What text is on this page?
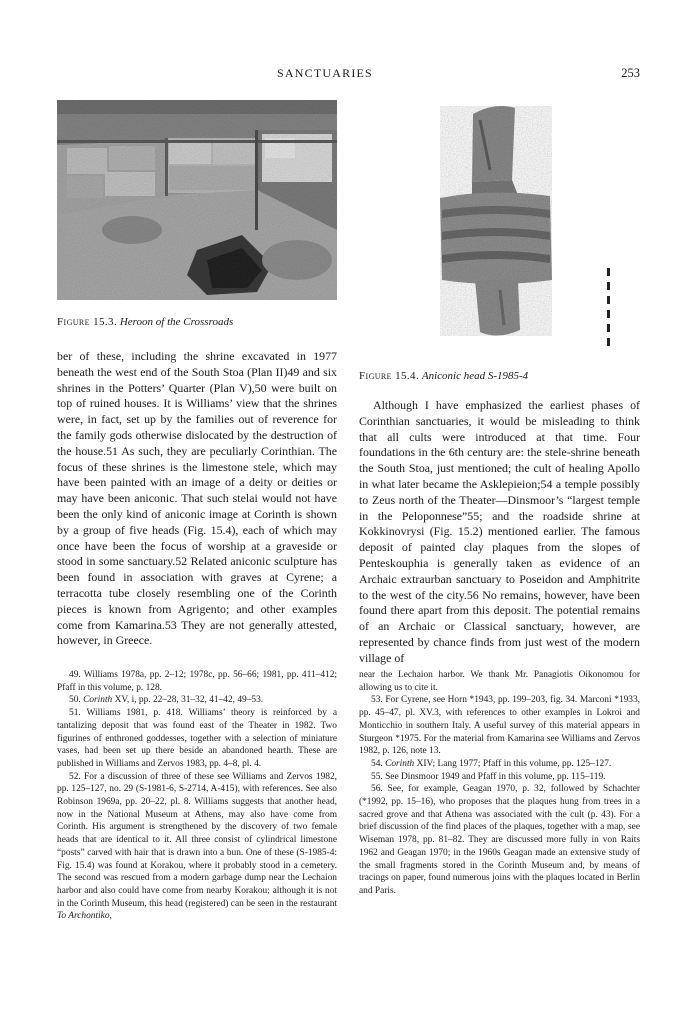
SANCTUARIES	253
Figure 15.3. Heroon of the Crossroads
Figure 15.4. Aniconic head S-1985-4

ber of these, including the shrine excavated in 1977 beneath the west end of the South Stoa (Plan II)49 and six shrines in the Potters’ Quarter (Plan V),50 were built on top of ruined houses. It is Williams’ view that the shrines were, in fact, set up by the families out of reverence for the family gods otherwise dislocated by the destruction of the house.51 As such, they are peculiarly Corinthian. The focus of these shrines is the limestone stele, which may have been painted with an image of a deity or deities or may have been aniconic. That such stelai would not have been the only kind of aniconic image at Corinth is shown by a group of five heads (Fig. 15.4), each of which may once have been the focus of worship at a graveside or stood in some sanctuary.52 Related aniconic sculpture has been found in association with graves at Cyrene; a terracotta tube closely resembling one of the Corinth pieces is known from Agrigento; and other examples come from Kamarina.53 They are not generally attested, however, in Greece.

Although I have emphasized the earliest phases of Corinthian sanctuaries, it would be misleading to think that all cults were introduced at that time. Four foundations in the 6th century are: the stele-shrine beneath the South Stoa, just mentioned; the cult of healing Apollo in what later became the Asklepieion;54 a temple possibly to Zeus north of the Theater—Dinsmoor’s “largest temple in the Peloponnese”55; and the roadside shrine at Kokkinovrysi (Fig. 15.2) mentioned earlier. The famous deposit of painted clay plaques from the slopes of Penteskouphia is generally taken as evidence of an Archaic extraurban sanctuary to Poseidon and Amphitrite to the west of the city.56 No remains, however, have been found there apart from this deposit. The potential remains of an Archaic or Classical sanctuary, however, are represented by chance finds from just west of the modern village of

49. Williams 1978a, pp. 2–12; 1978c, pp. 56–66; 1981, pp. 411–412; Pfaff in this volume, p. 128.

50. Corinth XV, i, pp. 22–28, 31–32, 41–42, 49–53.

51. Williams 1981, p. 418. Williams’ theory is reinforced by a tantalizing deposit that was found east of the Theater in 1982. Two figurines of enthroned goddesses, together with a selection of miniature vases, had been set up there beside an abandoned hearth. These are published in Williams and Zervos 1983, pp. 4–8, pl. 4.

52. For a discussion of three of these see Williams and Zervos 1982, pp. 125–127, no. 29 (S-1981-6, S-2714, A-415), with references. See also Robinson 1969a, pp. 20–22, pl. 8. Williams suggests that another head, now in the National Museum at Athens, may also have come from Corinth. His argument is strengthened by the discovery of two female heads that are identical to it. All three consist of cylindrical limestone “posts” carved with hair that is drawn into a bun. One of these (S-1985-4: Fig. 15.4) was found at Korakou, where it probably stood in a cemetery. The second was rescued from a modern garbage dump near the Lechaion harbor and also could have come from nearby Korakou; although it is not in the Corinth Museum, this head (registered) can be seen in the restaurant To Archontiko,

near the Lechaion harbor. We thank Mr. Panagiotis Oikonomou for allowing us to cite it.

53. For Cyrene, see Horn *1943, pp. 199–203, fig. 34. Marconi *1933, pp. 45–47, pl. XV.3, with references to other examples in Lokroi and Monticchio in southern Italy. A useful survey of this material appears in Sturgeon *1975. For the material from Kamarina see Williams and Zervos 1982, p. 126, note 13.

54. Corinth XIV; Lang 1977; Pfaff in this volume, pp. 125–127.

55. See Dinsmoor 1949 and Pfaff in this volume, pp. 115–119.

56. See, for example, Geagan 1970, p. 32, followed by Schachter (*1992, pp. 15–16), who proposes that the plaques hung from trees in a sacred grove and that Athena was associated with the cult (p. 43). For a brief discussion of the find places of the plaques, together with a map, see Wiseman 1978, pp. 81–82. They are discussed more fully in von Raits 1962 and Geagan 1970; in the 1960s Geagan made an extensive study of the small fragments stored in the Corinth Museum and, by means of tracings on paper, found numerous joins with the plaques located in Berlin and Paris.
